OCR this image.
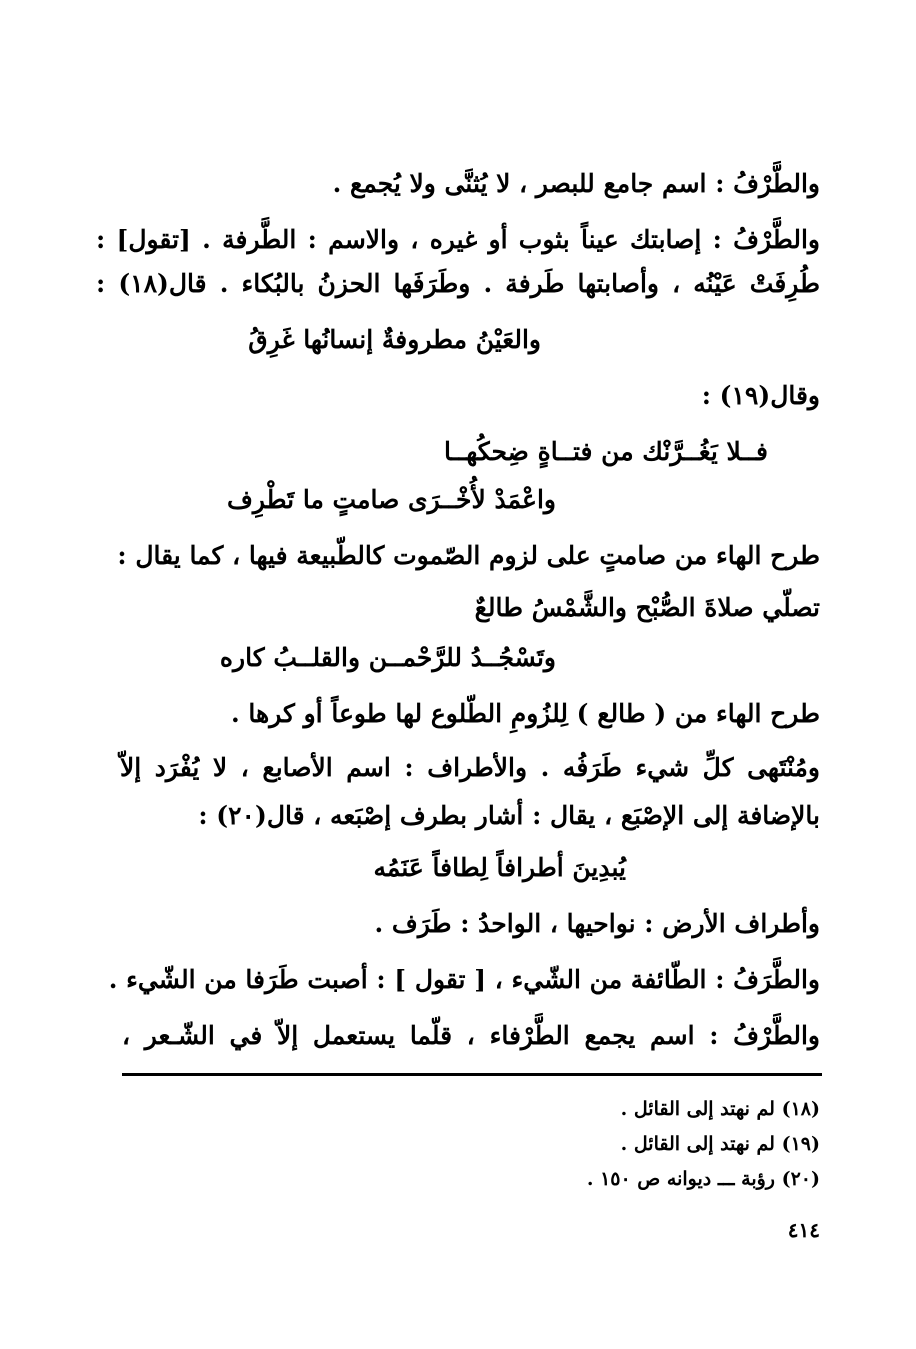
والطَّرْفُ : اسم جامع للبصر ، لا يُثنَّى ولا يُجمع .
والطَّرْفُ : إصابتك عيناً بثوب أو غيره ، والاسم : الطَّرفة . [تقول] :
طُرِفَتْ عَيْنُه ، وأصابتها طَرفة . وطَرَفَها الحزنُ بالبُكاء . قال(١٨) :
والعَيْنُ مطروفةٌ إنسانُها غَرِقُ
وقال(١٩) :
فــلا يَغُــرَّنْك من فتــاةٍ ضِحكُهــا
واعْمَدْ لأُخْــرَى صامتٍ ما تَطْرِف
طرح الهاء من صامتٍ على لزوم الصّموت كالطّبيعة فيها ، كما يقال :
تصلّي صلاةَ الصُّبْح والشَّمْسُ طالعٌ
وتَسْجُــدُ للرَّحْمــن والقلــبُ كاره
طرح الهاء من ( طالع ) لِلزُومِ الطّلوع لها طوعاً أو كرها .
ومُنْتَهى كلِّ شيء طَرَفُه . والأطراف : اسم الأصابع ، لا يُفْرَد إلاّ
بالإضافة إلى الإصْبَع ، يقال : أشار بطرف إصْبَعه ، قال(٢٠) :
يُبدِينَ أطرافاً لِطافاً عَنَمُه
وأطراف الأرض : نواحيها ، الواحدُ : طَرَف .
والطَّرَفُ : الطّائفة من الشّيء ، [ تقول ] : أصبت طَرَفا من الشّيء .
والطَّرْفُ : اسم يجمع الطَّرْفاء ، قلّما يستعمل إلاّ في الشّـعر ،
(١٨) لم نهتد إلى القائل .
(١٩) لم نهتد إلى القائل .
(٢٠) رؤبة ـــ ديوانه ص ١٥٠ .
٤١٤
